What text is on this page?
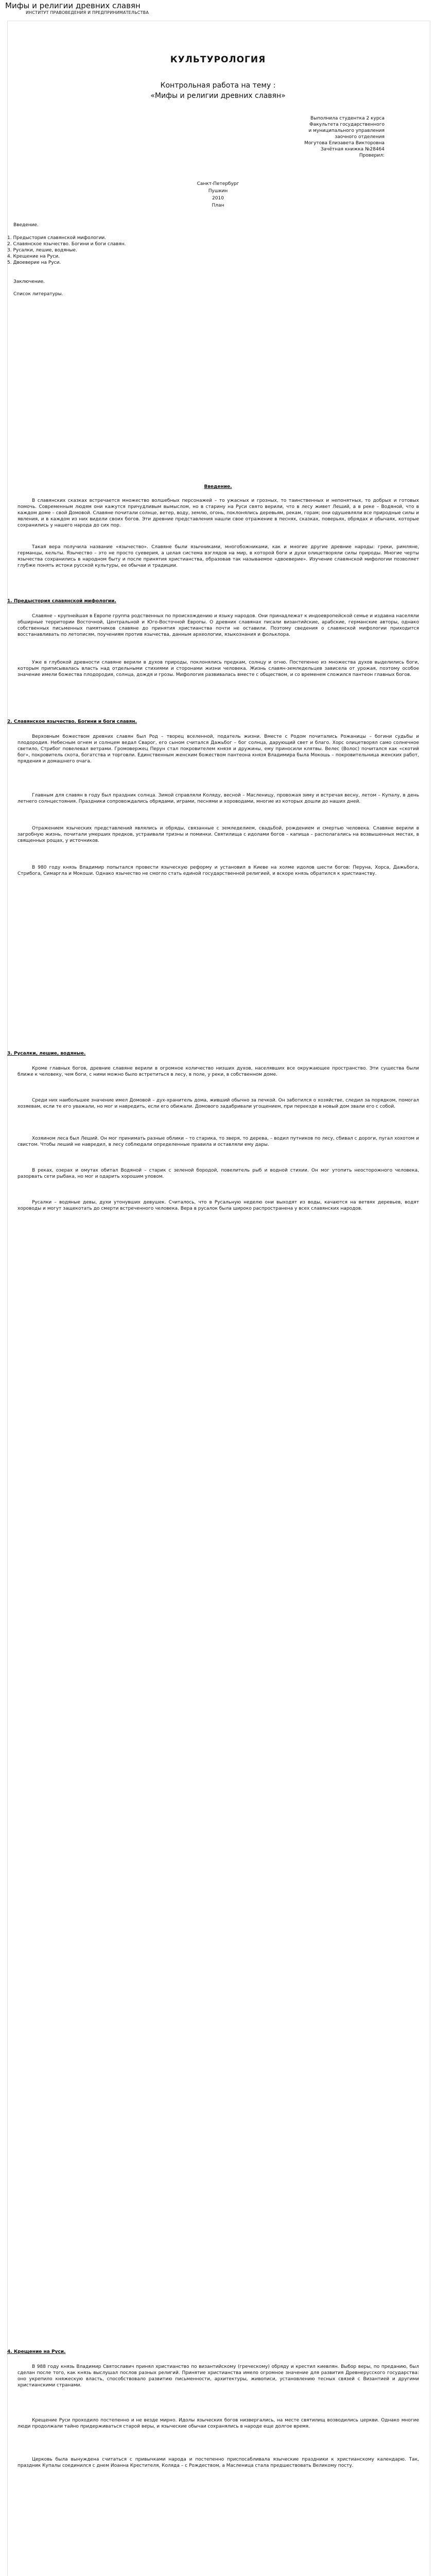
Мифы и религии древних славян
ИНСТИТУТ ПРАВОВЕДЕНИЯ И ПРЕДПРИНИМАТЕЛЬСТВА
КУЛЬТУРОЛОГИЯ
Контрольная работа на тему :
«Мифы и религии древних славян»
Выполнила студентка 2 курса
Факультета государственного
и муниципального управления
заочного отделения
Могутова Елизавета Викторовна
Зачётная книжка №28464
Проверил:
Санкт-Петербург
Пушкин
2010
План
Введение.
1. Предыстория славянской мифологии.
2. Славянское язычество. Богини и боги славян.
3. Русалки, лешие, водяные.
4. Крещение на Руси.
5. Двоеверие на Руси.
Заключение.
Список литературы.
Введение.

В славянских сказках встречается множество волшебных персонажей – то ужасных и грозных, то таинственных и непонятных, то добрых и готовых помочь. Современным людям они кажутся причудливым вымыслом, но в старину на Руси свято верили, что в лесу живет Леший, а в реке – Водяной, что в каждом доме – свой Домовой. Славяне почитали солнце, ветер, воду, землю, огонь, поклонялись деревьям, рекам, горам; они одушевляли все природные силы и явления, и в каждом из них видели своих богов. Эти древние представления нашли свое отражение в песнях, сказках, поверьях, обрядах и обычаях, которые сохранились у нашего народа до сих пор.

Такая вера получила название «язычество». Славяне были язычниками, многобожниками, как и многие другие древние народы: греки, римляне, германцы, кельты. Язычество – это не просто суеверия, а целая система взглядов на мир, в которой боги и духи олицетворяли силы природы. Многие черты язычества сохранились в народном быту и после принятия христианства, образовав так называемое «двоеверие». Изучение славянской мифологии позволяет глубже понять истоки русской культуры, ее обычаи и традиции.

1. Предыстория славянской мифологии.

Славяне – крупнейшая в Европе группа родственных по происхождению и языку народов. Они принадлежат к индоевропейской семье и издавна населяли обширные территории Восточной, Центральной и Юго-Восточной Европы. О древних славянах писали византийские, арабские, германские авторы, однако собственных письменных памятников славяне до принятия христианства почти не оставили. Поэтому сведения о славянской мифологии приходится восстанавливать по летописям, поучениям против язычества, данным археологии, языкознания и фольклора.

Уже в глубокой древности славяне верили в духов природы, поклонялись предкам, солнцу и огню. Постепенно из множества духов выделились боги, которым приписывалась власть над отдельными стихиями и сторонами жизни человека. Жизнь славян-земледельцев зависела от урожая, поэтому особое значение имели божества плодородия, солнца, дождя и грозы. Мифология развивалась вместе с обществом, и со временем сложился пантеон главных богов.

2. Славянское язычество. Богини и боги славян.

Верховным божеством древних славян был Род – творец вселенной, податель жизни. Вместе с Родом почитались Рожаницы – богини судьбы и плодородия. Небесным огнем и солнцем ведал Сварог, его сыном считался Дажьбог – бог солнца, дарующий свет и благо. Хорс олицетворял само солнечное светило, Стрибог повелевал ветрами. Громовержец Перун стал покровителем князя и дружины, ему приносили клятвы. Велес (Волос) почитался как «скотий бог», покровитель скота, богатства и торговли. Единственным женским божеством пантеона князя Владимира была Мокошь – покровительница женских работ, прядения и домашнего очага.

Главным для славян в году был праздник солнца. Зимой справляли Коляду, весной – Масленицу, провожая зиму и встречая весну, летом – Купалу, в день летнего солнцестояния. Праздники сопровождались обрядами, играми, песнями и хороводами, многие из которых дошли до наших дней.

Отражением языческих представлений являлись и обряды, связанные с земледелием, свадьбой, рождением и смертью человека. Славяне верили в загробную жизнь, почитали умерших предков, устраивали тризны и поминки. Святилища с идолами богов – капища – располагались на возвышенных местах, в священных рощах, у источников.

В 980 году князь Владимир попытался провести языческую реформу и установил в Киеве на холме идолов шести богов: Перуна, Хорса, Дажьбога, Стрибога, Симаргла и Мокоши. Однако язычество не смогло стать единой государственной религией, и вскоре князь обратился к христианству.

3. Русалки, лешие, водяные.

Кроме главных богов, древние славяне верили в огромное количество низших духов, населявших все окружающее пространство. Эти существа были ближе к человеку, чем боги, с ними можно было встретиться в лесу, в поле, у реки, в собственном доме.

Среди них наибольшее значение имел Домовой – дух-хранитель дома, живший обычно за печкой. Он заботился о хозяйстве, следил за порядком, помогал хозяевам, если те его уважали, но мог и навредить, если его обижали. Домового задабривали угощением, при переезде в новый дом звали его с собой.

Хозяином леса был Леший. Он мог принимать разные облики – то старика, то зверя, то дерева, – водил путников по лесу, сбивал с дороги, пугал хохотом и свистом. Чтобы леший не навредил, в лесу соблюдали определенные правила и оставляли ему дары.

В реках, озерах и омутах обитал Водяной – старик с зеленой бородой, повелитель рыб и водной стихии. Он мог утопить неосторожного человека, разорвать сети рыбака, но мог и одарить хорошим уловом.

Русалки – водяные девы, духи утонувших девушек. Считалось, что в Русальную неделю они выходят из воды, качаются на ветвях деревьев, водят хороводы и могут защекотать до смерти встреченного человека. Вера в русалок была широко распространена у всех славянских народов.

4. Крещение на Руси.

В 988 году князь Владимир Святославич принял христианство по византийскому (греческому) обряду и крестил киевлян. Выбор веры, по преданию, был сделан после того, как князь выслушал послов разных религий. Принятие христианства имело огромное значение для развития Древнерусского государства: оно укрепило княжескую власть, способствовало развитию письменности, архитектуры, живописи, установлению тесных связей с Византией и другими христианскими странами.

Крещение Руси проходило постепенно и не везде мирно. Идолы языческих богов низвергались, на месте святилищ возводились церкви. Однако многие люди продолжали тайно придерживаться старой веры, и языческие обычаи сохранялись в народе еще долгое время.

Церковь была вынуждена считаться с привычками народа и постепенно приспосабливала языческие праздники к христианскому календарю. Так, праздник Купалы соединился с днем Иоанна Крестителя, Коляда – с Рождеством, а Масленица стала предшествовать Великому посту.
